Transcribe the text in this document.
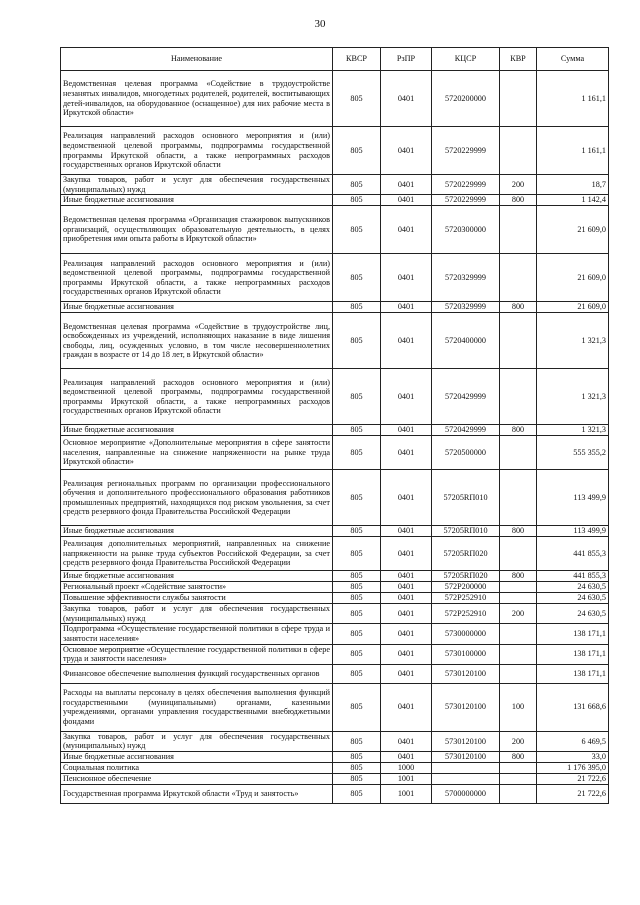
30
Наименование	КВСР	РзПР	КЦСР	КВР	Сумма
Ведомственная целевая программа «Содействие в трудоустройстве незанятых инвалидов, многодетных родителей, родителей, воспитывающих детей-инвалидов, на оборудованное (оснащенное) для них рабочие места в Иркутской области»	805	0401	5720200000		1 161,1
Реализация направлений расходов основного мероприятия и (или) ведомственной целевой программы, подпрограммы государственной программы Иркутской области, а также непрограммных расходов государственных органов Иркутской области	805	0401	5720229999		1 161,1
Закупка товаров, работ и услуг для обеспечения государственных (муниципальных) нужд	805	0401	5720229999	200	18,7
Иные бюджетные ассигнования	805	0401	5720229999	800	1 142,4
Ведомственная целевая программа «Организация стажировок выпускников организаций, осуществляющих образовательную деятельность, в целях приобретения ими опыта работы в Иркутской области»	805	0401	5720300000		21 609,0
Реализация направлений расходов основного мероприятия и (или) ведомственной целевой программы, подпрограммы государственной программы Иркутской области, а также непрограммных расходов государственных органов Иркутской области	805	0401	5720329999		21 609,0
Иные бюджетные ассигнования	805	0401	5720329999	800	21 609,0
Ведомственная целевая программа «Содействие в трудоустройстве лиц, освобожденных из учреждений, исполняющих наказание в виде лишения свободы, лиц, осужденных условно, в том числе несовершеннолетних граждан в возрасте от 14 до 18 лет, в Иркутской области»	805	0401	5720400000		1 321,3
Реализация направлений расходов основного мероприятия и (или) ведомственной целевой программы, подпрограммы государственной программы Иркутской области, а также непрограммных расходов государственных органов Иркутской области	805	0401	5720429999		1 321,3
Иные бюджетные ассигнования	805	0401	5720429999	800	1 321,3
Основное мероприятие «Дополнительные мероприятия в сфере занятости населения, направленные на снижение напряженности на рынке труда Иркутской области»	805	0401	5720500000		555 355,2
Реализация региональных программ по организации профессионального обучения и дополнительного профессионального образования работников промышленных предприятий, находящихся под риском увольнения, за счет средств резервного фонда Правительства Российской Федерации	805	0401	57205RП010		113 499,9
Иные бюджетные ассигнования	805	0401	57205RП010	800	113 499,9
Реализация дополнительных мероприятий, направленных на снижение напряженности на рынке труда субъектов Российской Федерации, за счет средств резервного фонда Правительства Российской Федерации	805	0401	57205RП020		441 855,3
Иные бюджетные ассигнования	805	0401	57205RП020	800	441 855,3
Региональный проект «Содействие занятости»	805	0401	572P200000		24 630,5
Повышение эффективности службы занятости	805	0401	572P252910		24 630,5
Закупка товаров, работ и услуг для обеспечения государственных (муниципальных) нужд	805	0401	572P252910	200	24 630,5
Подпрограмма «Осуществление государственной политики в сфере труда и занятости населения»	805	0401	5730000000		138 171,1
Основное мероприятие «Осуществление государственной политики в сфере труда и занятости населения»	805	0401	5730100000		138 171,1
Финансовое обеспечение выполнения функций государственных органов	805	0401	5730120100		138 171,1
Расходы на выплаты персоналу в целях обеспечения выполнения функций государственными (муниципальными) органами, казенными учреждениями, органами управления государственными внебюджетными фондами	805	0401	5730120100	100	131 668,6
Закупка товаров, работ и услуг для обеспечения государственных (муниципальных) нужд	805	0401	5730120100	200	6 469,5
Иные бюджетные ассигнования	805	0401	5730120100	800	33,0
Социальная политика	805	1000			1 176 395,0
Пенсионное обеспечение	805	1001			21 722,6
Государственная программа Иркутской области «Труд и занятость»	805	1001	5700000000		21 722,6
